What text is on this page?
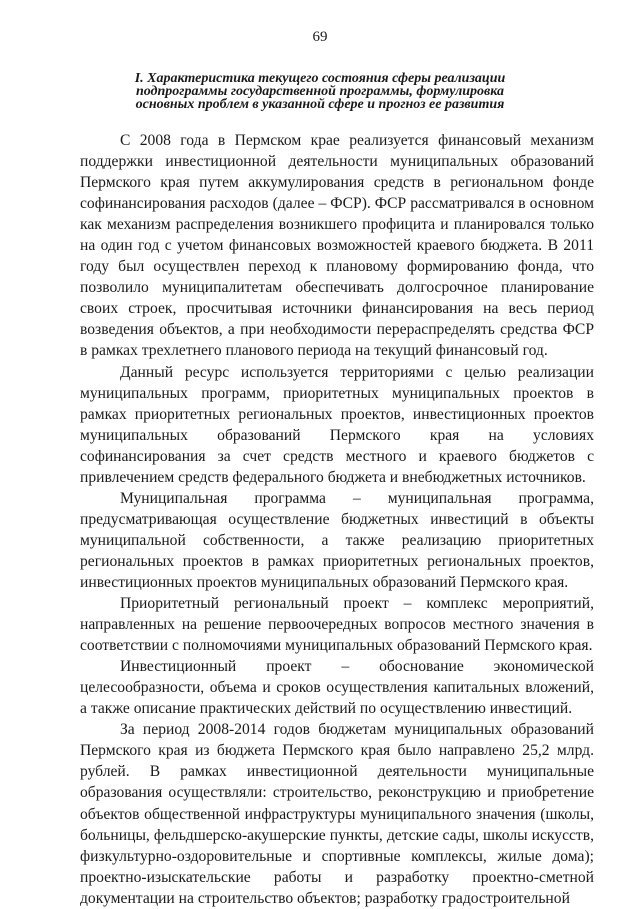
69
I. Характеристика текущего состояния сферы реализации
подпрограммы государственной программы, формулировка
основных проблем в указанной сфере и прогноз ее развития

С 2008 года в Пермском крае реализуется финансовый механизм поддержки инвестиционной деятельности муниципальных образований Пермского края путем аккумулирования средств в региональном фонде софинансирования расходов (далее – ФСР). ФСР рассматривался в основном как механизм распределения возникшего профицита и планировался только на один год с учетом финансовых возможностей краевого бюджета. В 2011 году был осуществлен переход к плановому формированию фонда, что позволило муниципалитетам обеспечивать долгосрочное планирование своих строек, просчитывая источники финансирования на весь период возведения объектов, а при необходимости перераспределять средства ФСР в рамках трехлетнего планового периода на текущий финансовый год.

Данный ресурс используется территориями с целью реализации муниципальных программ, приоритетных муниципальных проектов в рамках приоритетных региональных проектов, инвестиционных проектов муниципальных образований Пермского края на условиях софинансирования за счет средств местного и краевого бюджетов с привлечением средств федерального бюджета и внебюджетных источников.

Муниципальная программа – муниципальная программа, предусматривающая осуществление бюджетных инвестиций в объекты муниципальной собственности, а также реализацию приоритетных региональных проектов в рамках приоритетных региональных проектов, инвестиционных проектов муниципальных образований Пермского края.

Приоритетный региональный проект – комплекс мероприятий, направленных на решение первоочередных вопросов местного значения в соответствии с полномочиями муниципальных образований Пермского края.

Инвестиционный проект – обоснование экономической целесообразности, объема и сроков осуществления капитальных вложений, а также описание практических действий по осуществлению инвестиций.

За период 2008-2014 годов бюджетам муниципальных образований Пермского края из бюджета Пермского края было направлено 25,2 млрд. рублей. В рамках инвестиционной деятельности муниципальные образования осуществляли: строительство, реконструкцию и приобретение объектов общественной инфраструктуры муниципального значения (школы, больницы, фельдшерско-акушерские пункты, детские сады, школы искусств, физкультурно-оздоровительные и спортивные комплексы, жилые дома); проектно-изыскательские работы и разработку проектно-сметной документации на строительство объектов; разработку градостроительной
